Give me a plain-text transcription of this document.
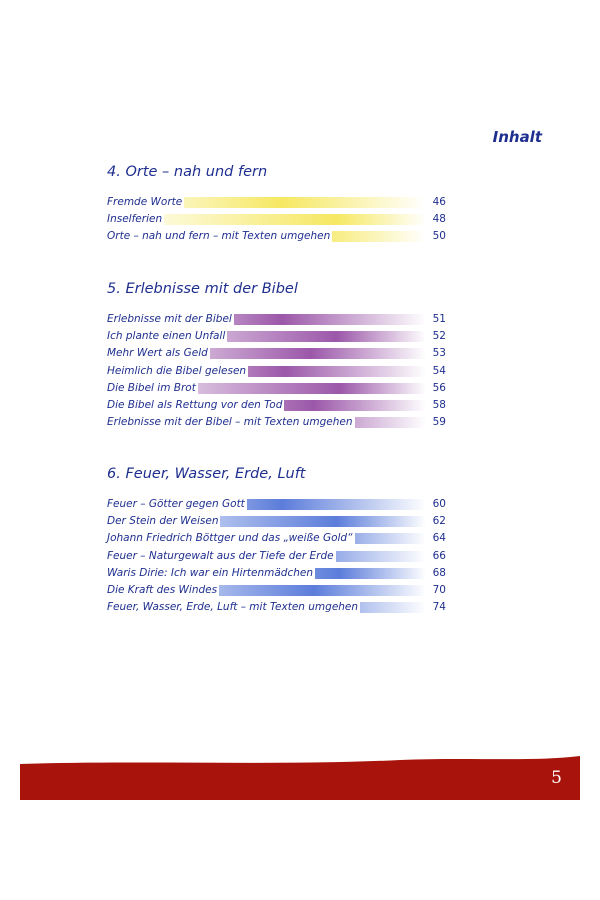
Inhalt
4. Orte – nah und fern
Fremde Worte	46
Inselferien	48
Orte – nah und fern – mit Texten umgehen	50
5. Erlebnisse mit der Bibel
Erlebnisse mit der Bibel	51
Ich plante einen Unfall	52
Mehr Wert als Geld	53
Heimlich die Bibel gelesen	54
Die Bibel im Brot	56
Die Bibel als Rettung vor den Tod	58
Erlebnisse mit der Bibel – mit Texten umgehen	59
6. Feuer, Wasser, Erde, Luft
Feuer – Götter gegen Gott	60
Der Stein der Weisen	62
Johann Friedrich Böttger und das „weiße Gold“	64
Feuer – Naturgewalt aus der Tiefe der Erde	66
Waris Dirie: Ich war ein Hirtenmädchen	68
Die Kraft des Windes	70
Feuer, Wasser, Erde, Luft – mit Texten umgehen	74
5
